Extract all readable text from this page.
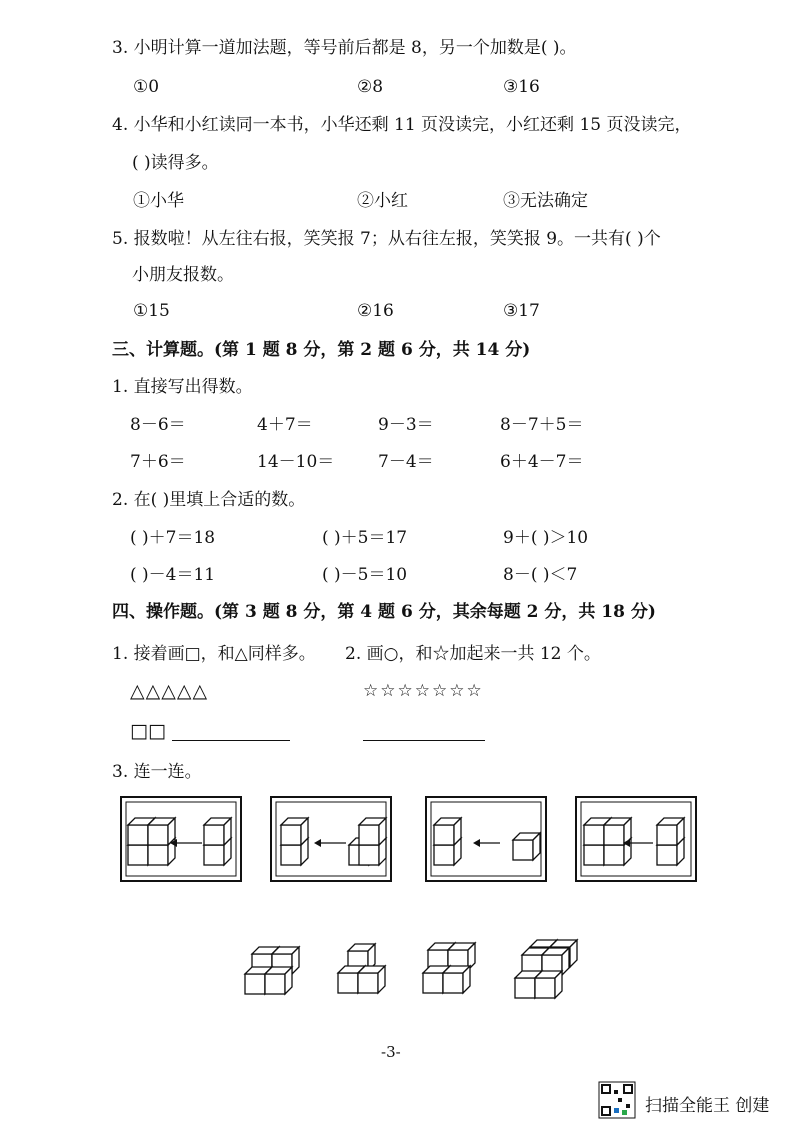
3. 小明计算一道加法题，等号前后都是 8，另一个加数是( )。
①0	②8	③16
4. 小华和小红读同一本书，小华还剩 11 页没读完，小红还剩 15 页没读完，
( )读得多。
①小华	②小红	③无法确定
5. 报数啦！从左往右报，笑笑报 7；从右往左报，笑笑报 9。一共有( )个
小朋友报数。
①15	②16	③17
三、计算题。(第 1 题 8 分，第 2 题 6 分，共 14 分)
1. 直接写出得数。
8－6＝	4＋7＝	9－3＝	8－7＋5＝
7＋6＝	14－10＝	7－4＝	6＋4－7＝
2. 在( )里填上合适的数。
( )＋7＝18	( )＋5＝17	9＋( )＞10
( )－4＝11	( )－5＝10	8－( )＜7
四、操作题。(第 3 题 8 分，第 4 题 6 分，其余每题 2 分，共 18 分)
1. 接着画□，和△同样多。 2. 画○，和☆加起来一共 12 个。
△△△△△	☆☆☆☆☆☆☆
□□
3. 连一连。
-3-
扫描全能王 创建
